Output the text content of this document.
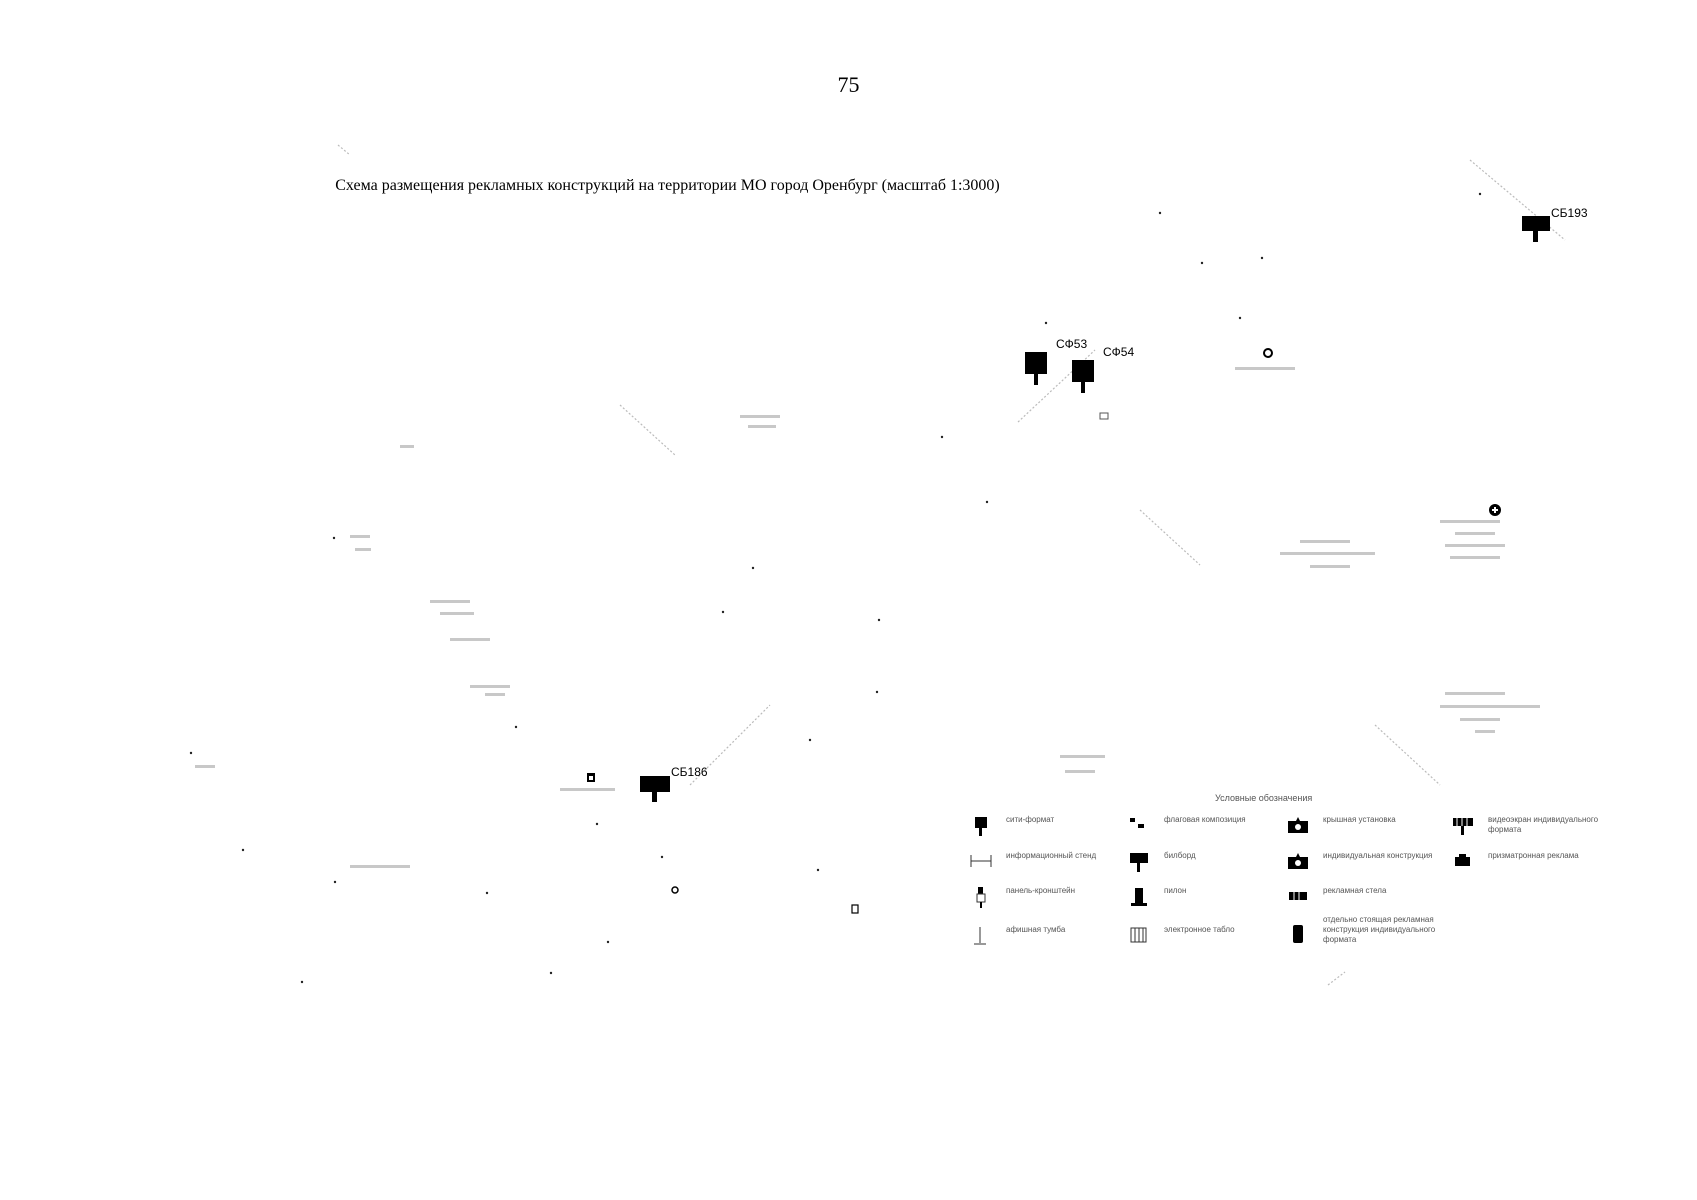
75
Схема размещения рекламных конструкций на территории МО город Оренбург (масштаб 1:3000)
СФ53
СФ54
СБ193
СБ186
Условные обозначения
сити-формат
информационный стенд
панель-кронштейн
афишная тумба
флаговая композиция
билборд
пилон
электронное табло
крышная установка
индивидуальная конструкция
рекламная стела
отдельно стоящая рекламная конструкция индивидуального формата
видеоэкран индивидуального формата
призматронная реклама
